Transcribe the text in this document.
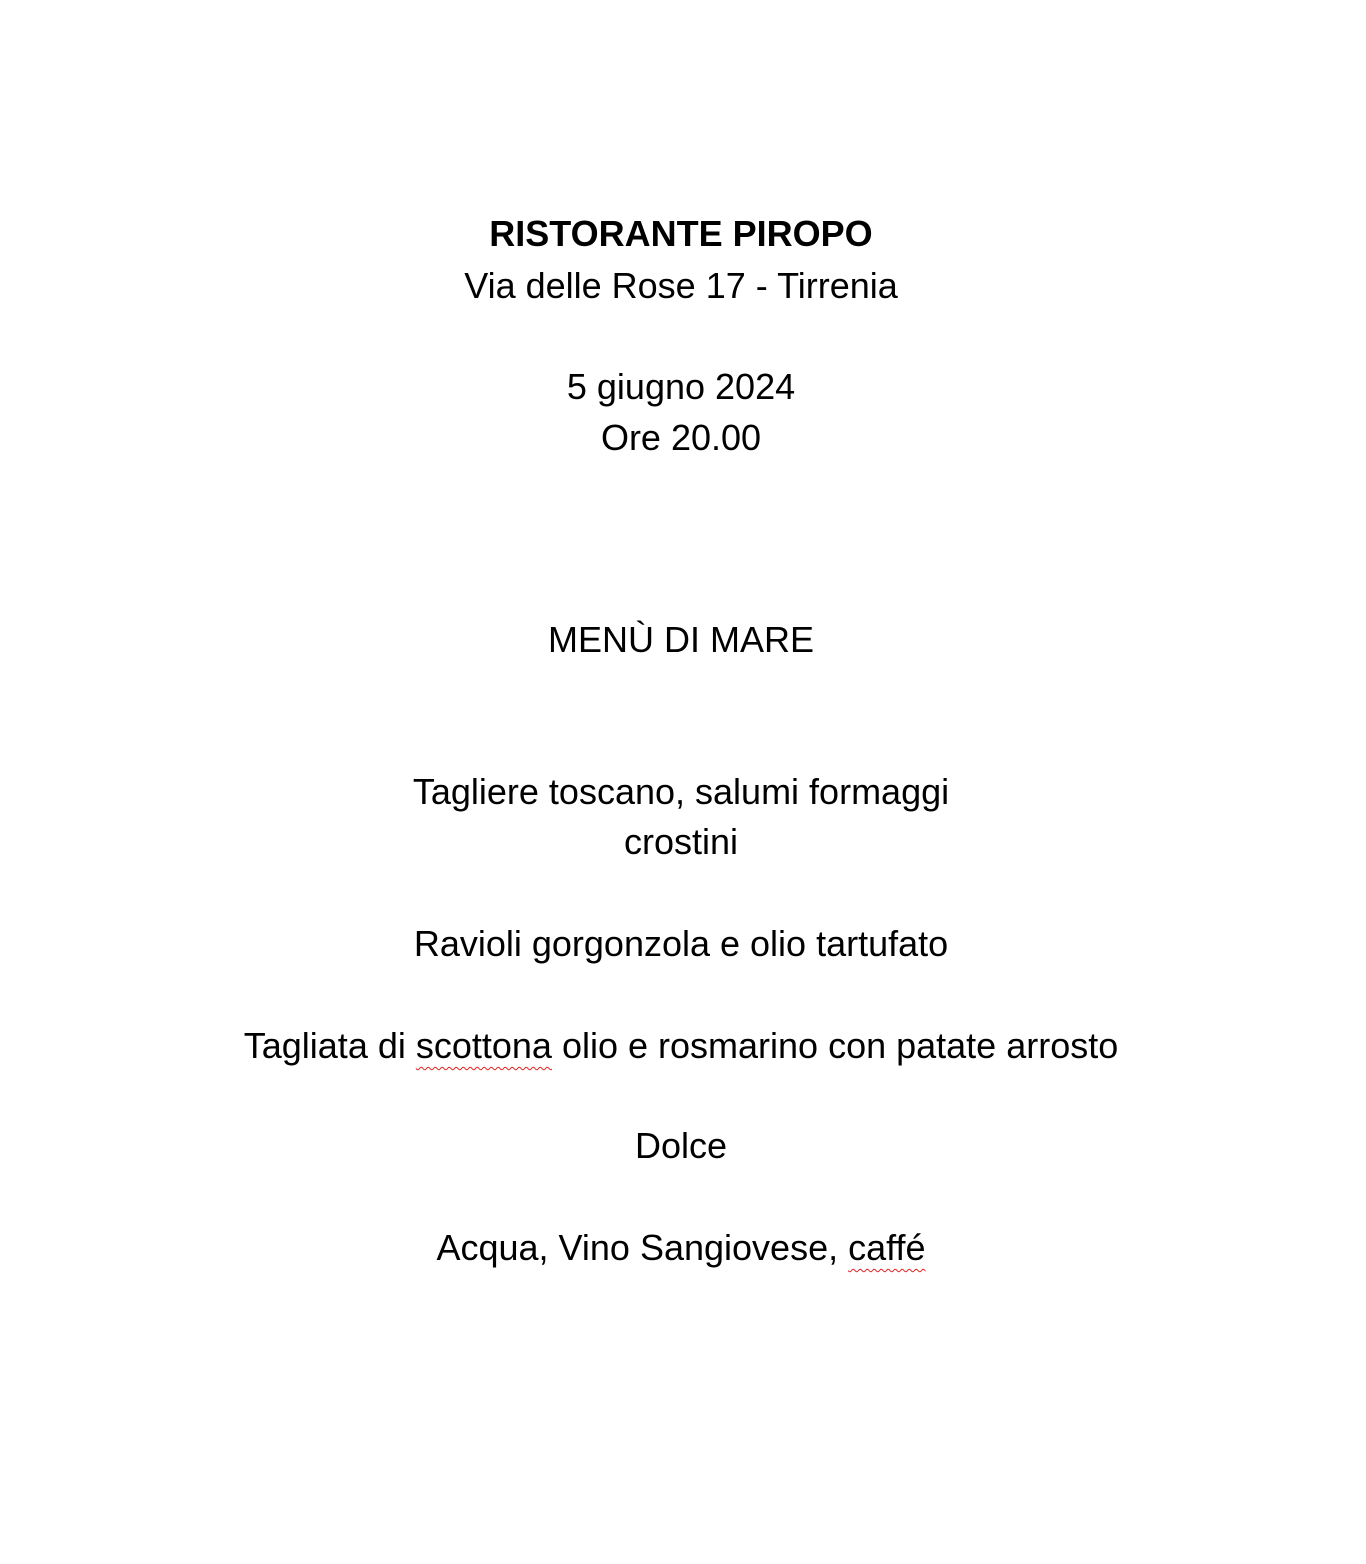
RISTORANTE PIROPO
Via delle Rose 17 - Tirrenia
5 giugno 2024
Ore 20.00
MENÙ DI MARE
Tagliere toscano, salumi formaggi
crostini
Ravioli gorgonzola e olio tartufato
Tagliata di scottona olio e rosmarino con patate arrosto
Dolce
Acqua, Vino Sangiovese, caffé
